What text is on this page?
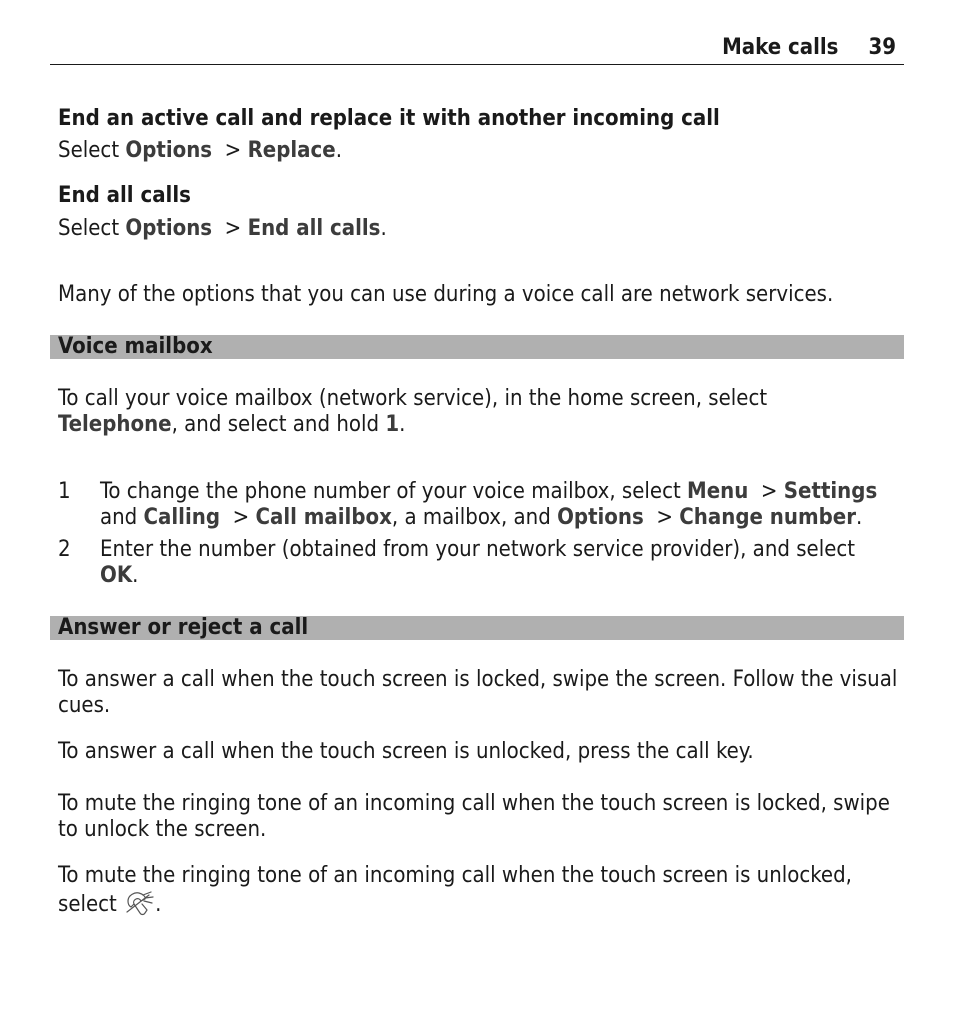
Make calls 39
End an active call and replace it with another incoming call
Select Options > Replace.
End all calls
Select Options > End all calls.
Many of the options that you can use during a voice call are network services.
Voice mailbox
To call your voice mailbox (network service), in the home screen, select
Telephone, and select and hold 1.
1 To change the phone number of your voice mailbox, select Menu > Settings
and Calling > Call mailbox, a mailbox, and Options > Change number.
2 Enter the number (obtained from your network service provider), and select
OK.
Answer or reject a call
To answer a call when the touch screen is locked, swipe the screen. Follow the visual
cues.
To answer a call when the touch screen is unlocked, press the call key.
To mute the ringing tone of an incoming call when the touch screen is locked, swipe
to unlock the screen.
To mute the ringing tone of an incoming call when the touch screen is unlocked,
select .
